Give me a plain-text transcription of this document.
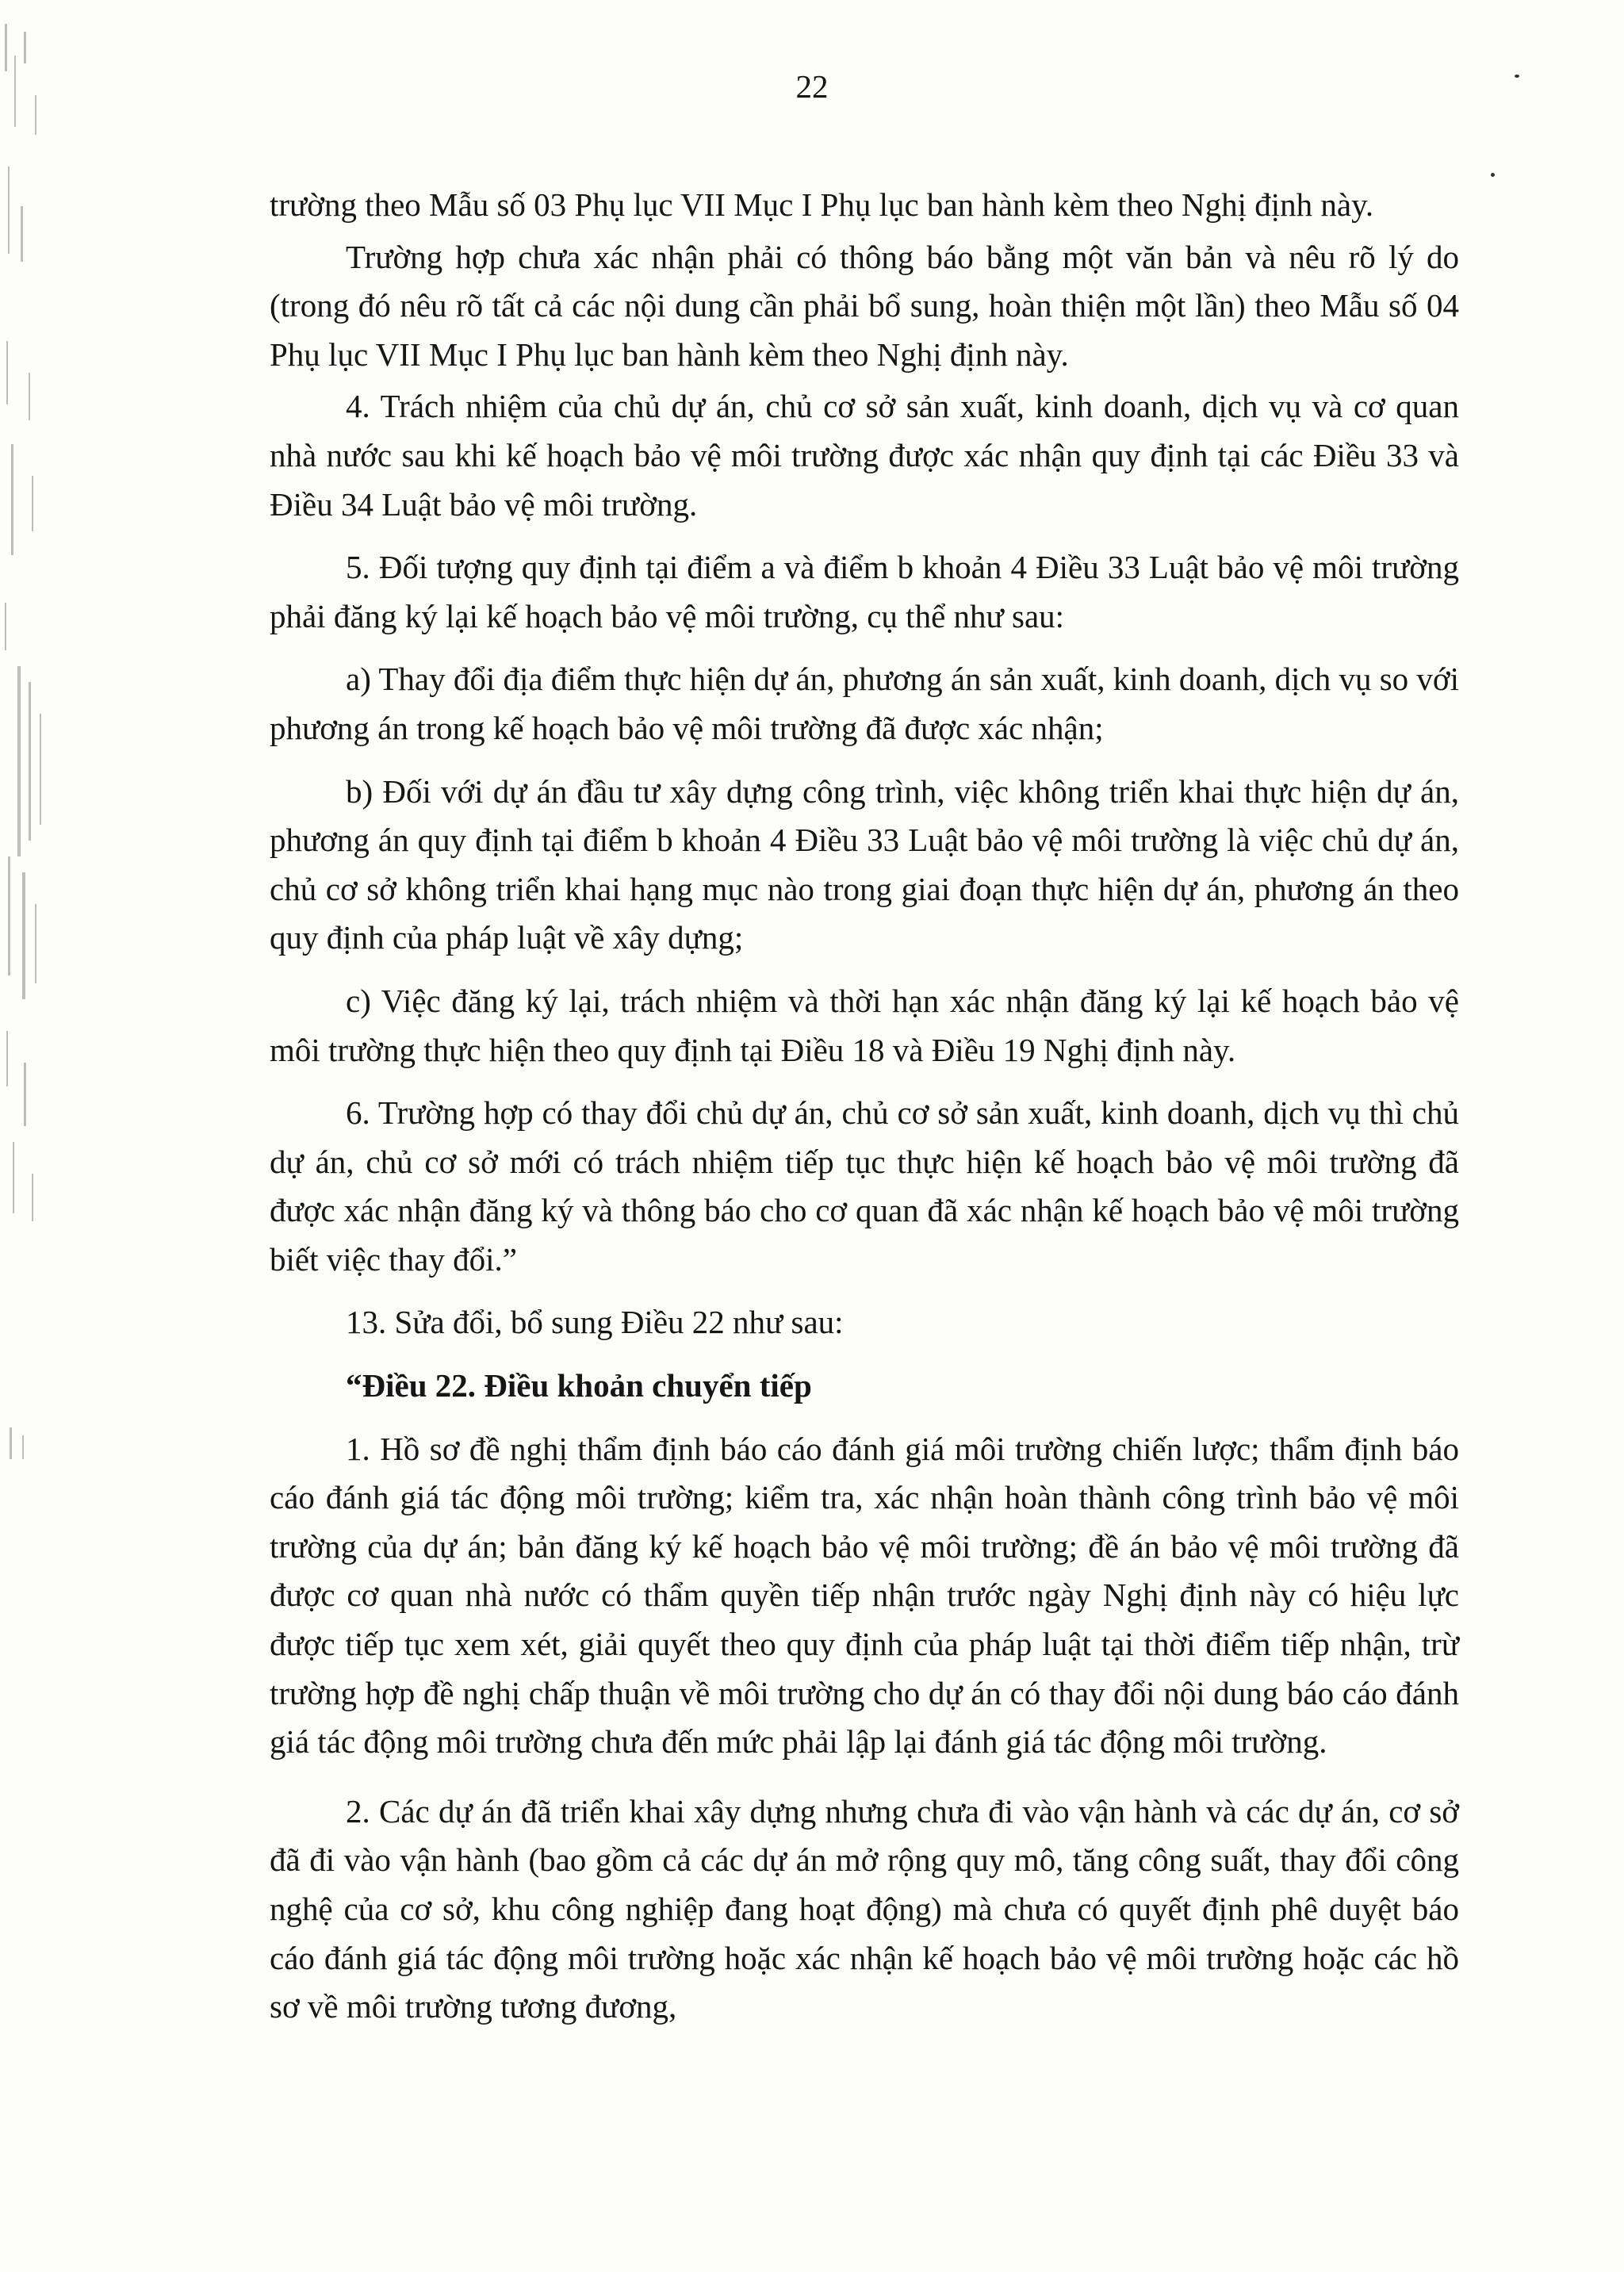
22

trường theo Mẫu số 03 Phụ lục VII Mục I Phụ lục ban hành kèm theo Nghị định này.

Trường hợp chưa xác nhận phải có thông báo bằng một văn bản và nêu rõ lý do (trong đó nêu rõ tất cả các nội dung cần phải bổ sung, hoàn thiện một lần) theo Mẫu số 04 Phụ lục VII Mục I Phụ lục ban hành kèm theo Nghị định này.

4. Trách nhiệm của chủ dự án, chủ cơ sở sản xuất, kinh doanh, dịch vụ và cơ quan nhà nước sau khi kế hoạch bảo vệ môi trường được xác nhận quy định tại các Điều 33 và Điều 34 Luật bảo vệ môi trường.

5. Đối tượng quy định tại điểm a và điểm b khoản 4 Điều 33 Luật bảo vệ môi trường phải đăng ký lại kế hoạch bảo vệ môi trường, cụ thể như sau:

a) Thay đổi địa điểm thực hiện dự án, phương án sản xuất, kinh doanh, dịch vụ so với phương án trong kế hoạch bảo vệ môi trường đã được xác nhận;

b) Đối với dự án đầu tư xây dựng công trình, việc không triển khai thực hiện dự án, phương án quy định tại điểm b khoản 4 Điều 33 Luật bảo vệ môi trường là việc chủ dự án, chủ cơ sở không triển khai hạng mục nào trong giai đoạn thực hiện dự án, phương án theo quy định của pháp luật về xây dựng;

c) Việc đăng ký lại, trách nhiệm và thời hạn xác nhận đăng ký lại kế hoạch bảo vệ môi trường thực hiện theo quy định tại Điều 18 và Điều 19 Nghị định này.

6. Trường hợp có thay đổi chủ dự án, chủ cơ sở sản xuất, kinh doanh, dịch vụ thì chủ dự án, chủ cơ sở mới có trách nhiệm tiếp tục thực hiện kế hoạch bảo vệ môi trường đã được xác nhận đăng ký và thông báo cho cơ quan đã xác nhận kế hoạch bảo vệ môi trường biết việc thay đổi.”

13. Sửa đổi, bổ sung Điều 22 như sau:

“Điều 22. Điều khoản chuyển tiếp

1. Hồ sơ đề nghị thẩm định báo cáo đánh giá môi trường chiến lược; thẩm định báo cáo đánh giá tác động môi trường; kiểm tra, xác nhận hoàn thành công trình bảo vệ môi trường của dự án; bản đăng ký kế hoạch bảo vệ môi trường; đề án bảo vệ môi trường đã được cơ quan nhà nước có thẩm quyền tiếp nhận trước ngày Nghị định này có hiệu lực được tiếp tục xem xét, giải quyết theo quy định của pháp luật tại thời điểm tiếp nhận, trừ trường hợp đề nghị chấp thuận về môi trường cho dự án có thay đổi nội dung báo cáo đánh giá tác động môi trường chưa đến mức phải lập lại đánh giá tác động môi trường.

2. Các dự án đã triển khai xây dựng nhưng chưa đi vào vận hành và các dự án, cơ sở đã đi vào vận hành (bao gồm cả các dự án mở rộng quy mô, tăng công suất, thay đổi công nghệ của cơ sở, khu công nghiệp đang hoạt động) mà chưa có quyết định phê duyệt báo cáo đánh giá tác động môi trường hoặc xác nhận kế hoạch bảo vệ môi trường hoặc các hồ sơ về môi trường tương đương,
